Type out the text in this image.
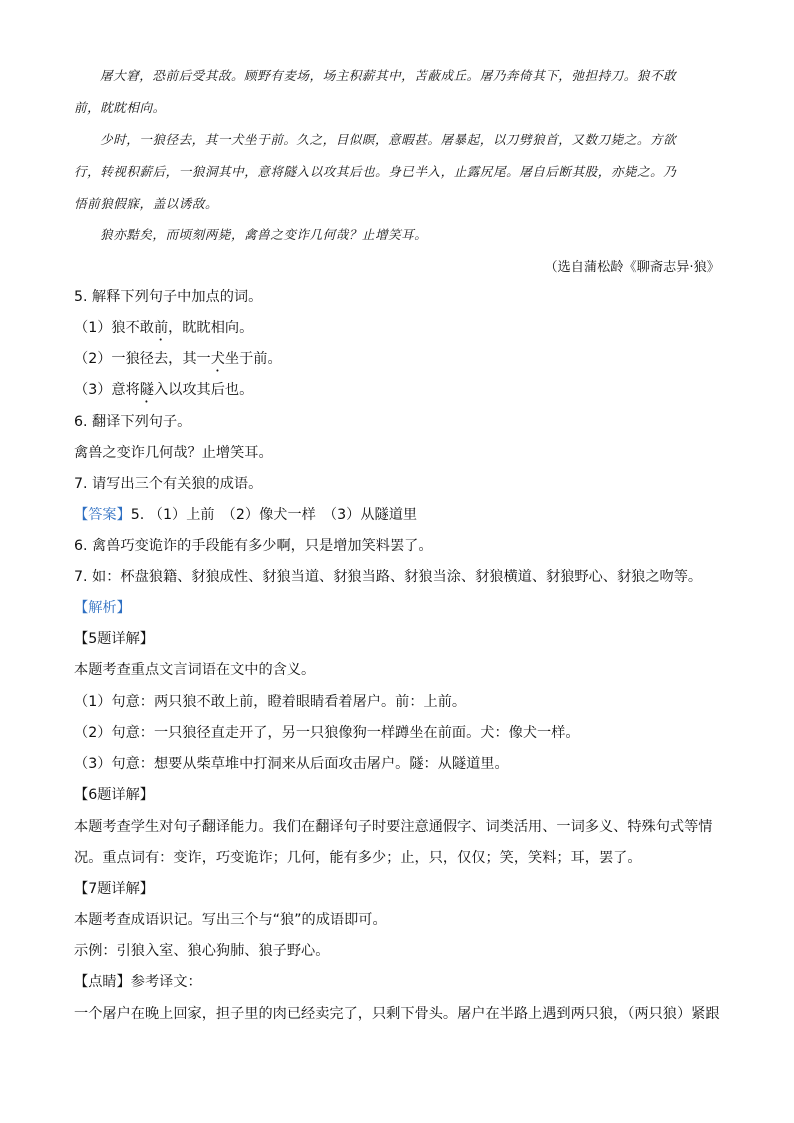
屠大窘，恐前后受其敌。顾野有麦场，场主积薪其中，苫蔽成丘。屠乃奔倚其下，弛担持刀。狼不敢
前，眈眈相向。
少时，一狼径去，其一犬坐于前。久之，目似瞑，意暇甚。屠暴起，以刀劈狼首，又数刀毙之。方欲
行，转视积薪后，一狼洞其中，意将隧入以攻其后也。身已半入，止露尻尾。屠自后断其股，亦毙之。乃
悟前狼假寐，盖以诱敌。
狼亦黠矣，而顷刻两毙，禽兽之变诈几何哉？止增笑耳。
（选自蒲松龄《聊斋志异·狼》
5. 解释下列句子中加点的词。
（1）狼不敢前，眈眈相向。
（2）一狼径去，其一犬坐于前。
（3）意将隧入以攻其后也。
6. 翻译下列句子。
禽兽之变诈几何哉？止增笑耳。
7. 请写出三个有关狼的成语。
【答案】5. （1）上前　（2）像犬一样　（3）从隧道里
6. 禽兽巧变诡诈的手段能有多少啊，只是增加笑料罢了。
7. 如：杯盘狼籍、豺狼成性、豺狼当道、豺狼当路、豺狼当涂、豺狼横道、豺狼野心、豺狼之吻等。
【解析】
【5题详解】
本题考查重点文言词语在文中的含义。
（1）句意：两只狼不敢上前，瞪着眼睛看着屠户。前：上前。
（2）句意：一只狼径直走开了，另一只狼像狗一样蹲坐在前面。犬：像犬一样。
（3）句意：想要从柴草堆中打洞来从后面攻击屠户。隧：从隧道里。
【6题详解】
本题考查学生对句子翻译能力。我们在翻译句子时要注意通假字、词类活用、一词多义、特殊句式等情
况。重点词有：变诈，巧变诡诈；几何，能有多少；止，只，仅仅；笑，笑料；耳，罢了。
【7题详解】
本题考查成语识记。写出三个与“狼”的成语即可。
示例：引狼入室、狼心狗肺、狼子野心。
【点睛】参考译文：
一个屠户在晚上回家，担子里的肉已经卖完了，只剩下骨头。屠户在半路上遇到两只狼，（两只狼）紧跟
